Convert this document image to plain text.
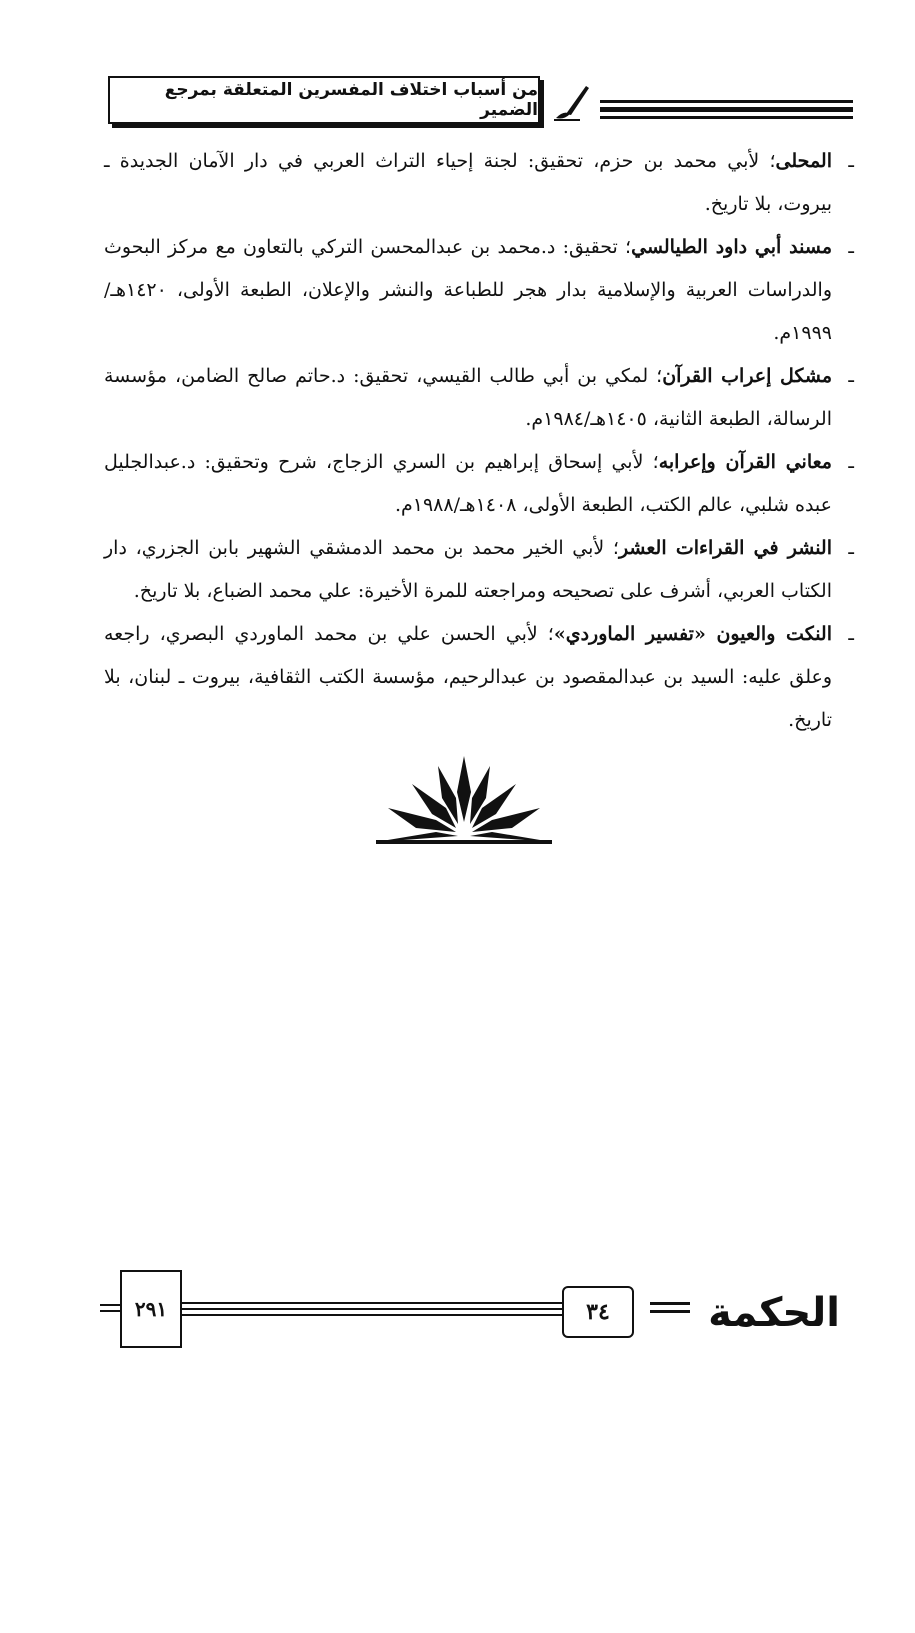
من أسباب اختلاف المفسرين المتعلقة بمرجع الضمير
ـ المحلى؛ لأبي محمد بن حزم، تحقيق: لجنة إحياء التراث العربي في دار الآمان الجديدة ـ بيروت، بلا تاريخ.
ـ مسند أبي داود الطيالسي؛ تحقيق: د.محمد بن عبدالمحسن التركي بالتعاون مع مركز البحوث والدراسات العربية والإسلامية بدار هجر للطباعة والنشر والإعلان، الطبعة الأولى، ١٤٢٠هـ/١٩٩٩م.
ـ مشكل إعراب القرآن؛ لمكي بن أبي طالب القيسي، تحقيق: د.حاتم صالح الضامن، مؤسسة الرسالة، الطبعة الثانية، ١٤٠٥هـ/١٩٨٤م.
ـ معاني القرآن وإعرابه؛ لأبي إسحاق إبراهيم بن السري الزجاج، شرح وتحقيق: د.عبدالجليل عبده شلبي، عالم الكتب، الطبعة الأولى، ١٤٠٨هـ/١٩٨٨م.
ـ النشر في القراءات العشر؛ لأبي الخير محمد بن محمد الدمشقي الشهير بابن الجزري، دار الكتاب العربي، أشرف على تصحيحه ومراجعته للمرة الأخيرة: علي محمد الضباع، بلا تاريخ.
ـ النكت والعيون «تفسير الماوردي»؛ لأبي الحسن علي بن محمد الماوردي البصري، راجعه وعلق عليه: السيد بن عبدالمقصود بن عبدالرحيم، مؤسسة الكتب الثقافية، بيروت ـ لبنان، بلا تاريخ.
٢٩١	٣٤ الحكمة
